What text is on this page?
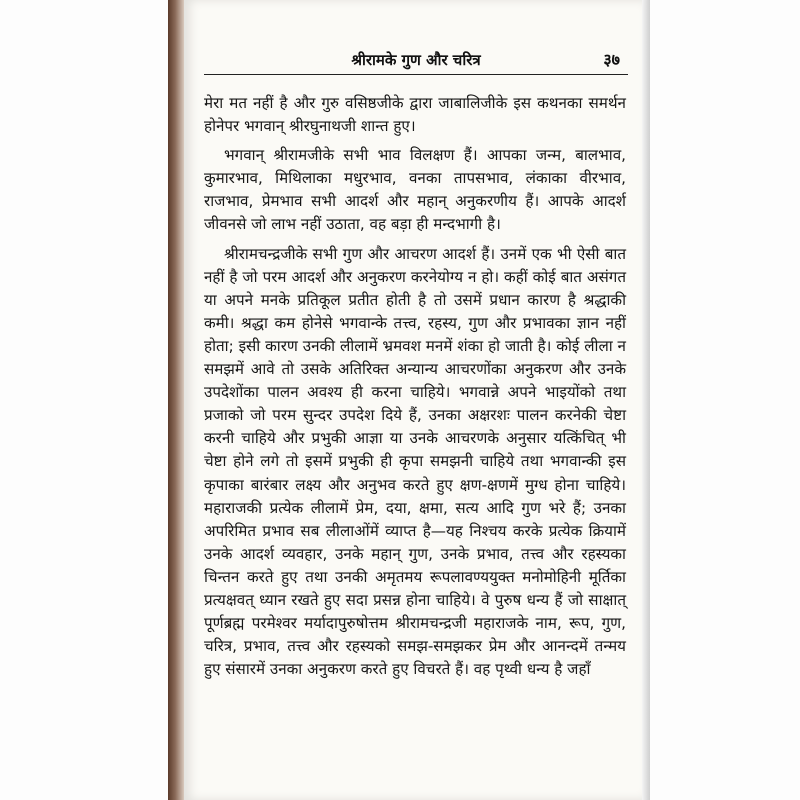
श्रीरामके गुण और चरित्र	३७

मेरा मत नहीं है और गुरु वसिष्ठजीके द्वारा जाबालिजीके इस कथनका समर्थन होनेपर भगवान् श्रीरघुनाथजी शान्त हुए।

भगवान् श्रीरामजीके सभी भाव विलक्षण हैं। आपका जन्म, बालभाव, कुमारभाव, मिथिलाका मधुरभाव, वनका तापसभाव, लंकाका वीरभाव, राजभाव, प्रेमभाव सभी आदर्श और महान् अनुकरणीय हैं। आपके आदर्श जीवनसे जो लाभ नहीं उठाता, वह बड़ा ही मन्दभागी है।

श्रीरामचन्द्रजीके सभी गुण और आचरण आदर्श हैं। उनमें एक भी ऐसी बात नहीं है जो परम आदर्श और अनुकरण करनेयोग्य न हो। कहीं कोई बात असंगत या अपने मनके प्रतिकूल प्रतीत होती है तो उसमें प्रधान कारण है श्रद्धाकी कमी। श्रद्धा कम होनेसे भगवान्के तत्त्व, रहस्य, गुण और प्रभावका ज्ञान नहीं होता; इसी कारण उनकी लीलामें भ्रमवश मनमें शंका हो जाती है। कोई लीला न समझमें आवे तो उसके अतिरिक्त अन्यान्य आचरणोंका अनुकरण और उनके उपदेशोंका पालन अवश्य ही करना चाहिये। भगवान्ने अपने भाइयोंको तथा प्रजाको जो परम सुन्दर उपदेश दिये हैं, उनका अक्षरशः पालन करनेकी चेष्टा करनी चाहिये और प्रभुकी आज्ञा या उनके आचरणके अनुसार यत्किंचित् भी चेष्टा होने लगे तो इसमें प्रभुकी ही कृपा समझनी चाहिये तथा भगवान्की इस कृपाका बारंबार लक्ष्य और अनुभव करते हुए क्षण-क्षणमें मुग्ध होना चाहिये। महाराजकी प्रत्येक लीलामें प्रेम, दया, क्षमा, सत्य आदि गुण भरे हैं; उनका अपरिमित प्रभाव सब लीलाओंमें व्याप्त है—यह निश्चय करके प्रत्येक क्रियामें उनके आदर्श व्यवहार, उनके महान् गुण, उनके प्रभाव, तत्त्व और रहस्यका चिन्तन करते हुए तथा उनकी अमृतमय रूपलावण्ययुक्त मनोमोहिनी मूर्तिका प्रत्यक्षवत् ध्यान रखते हुए सदा प्रसन्न होना चाहिये। वे पुरुष धन्य हैं जो साक्षात् पूर्णब्रह्म परमेश्वर मर्यादापुरुषोत्तम श्रीरामचन्द्रजी महाराजके नाम, रूप, गुण, चरित्र, प्रभाव, तत्त्व और रहस्यको समझ-समझकर प्रेम और आनन्दमें तन्मय हुए संसारमें उनका अनुकरण करते हुए विचरते हैं। वह पृथ्वी धन्य है जहाँ
